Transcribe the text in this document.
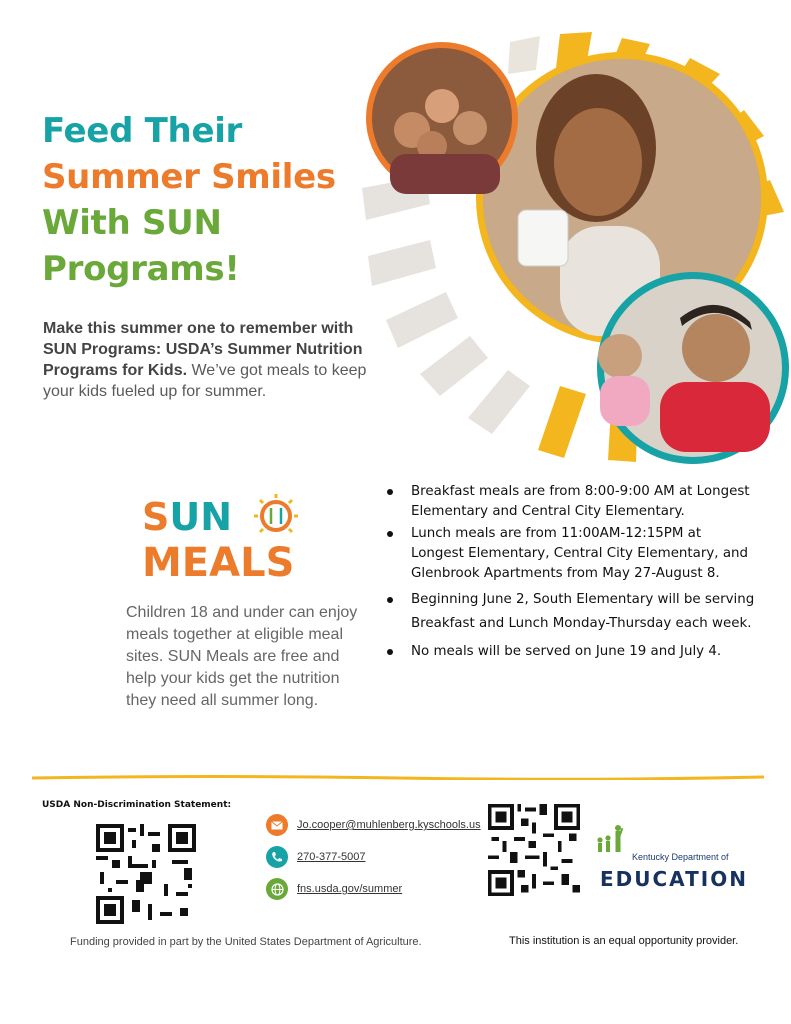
Feed Their
Summer Smiles
With SUN
Programs!

Make this summer one to remember with SUN Programs: USDA’s Summer Nutrition Programs for Kids. We’ve got meals to keep your kids fueled up for summer.

SUN
MEALS

Children 18 and under can enjoy meals together at eligible meal sites. SUN Meals are free and help your kids get the nutrition they need all summer long.

Breakfast meals are from 8:00-9:00 AM at Longest Elementary and Central City Elementary.
Lunch meals are from 11:00AM-12:15PM at Longest Elementary, Central City Elementary, and Glenbrook Apartments from May 27-August 8.
Beginning June 2, South Elementary will be serving Breakfast and Lunch Monday-Thursday each week.
No meals will be served on June 19 and July 4.
USDA Non-Discrimination Statement:
Jo.cooper@muhlenberg.kyschools.us
270-377-5007
fns.usda.gov/summer
Kentucky Department of
EDUCATION
Funding provided in part by the United States Department of Agriculture.	This institution is an equal opportunity provider.
